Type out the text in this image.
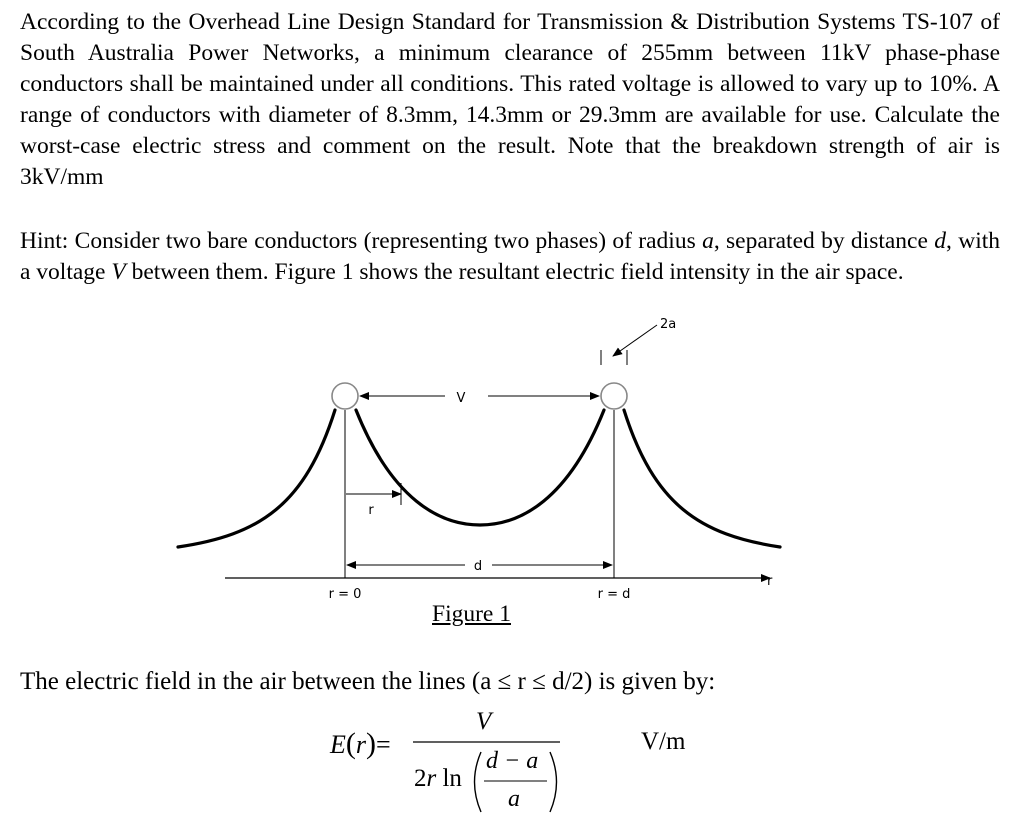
According to the Overhead Line Design Standard for Transmission & Distribution Systems TS-107 of South Australia Power Networks, a minimum clearance of 255mm between 11kV phase-phase conductors shall be maintained under all conditions. This rated voltage is allowed to vary up to 10%. A range of conductors with diameter of 8.3mm, 14.3mm or 29.3mm are available for use. Calculate the worst-case electric stress and comment on the result. Note that the breakdown strength of air is 3kV/mm

Hint: Consider two bare conductors (representing two phases) of radius a, separated by distance d, with a voltage V between them. Figure 1 shows the resultant electric field intensity in the air space.

V
r
d
2a
r = 0	r = d
r
Figure 1
The electric field in the air between the lines (a ≤ r ≤ d/2) is given by:
E(r)=
V
2r ln
d − a
a
V/m
